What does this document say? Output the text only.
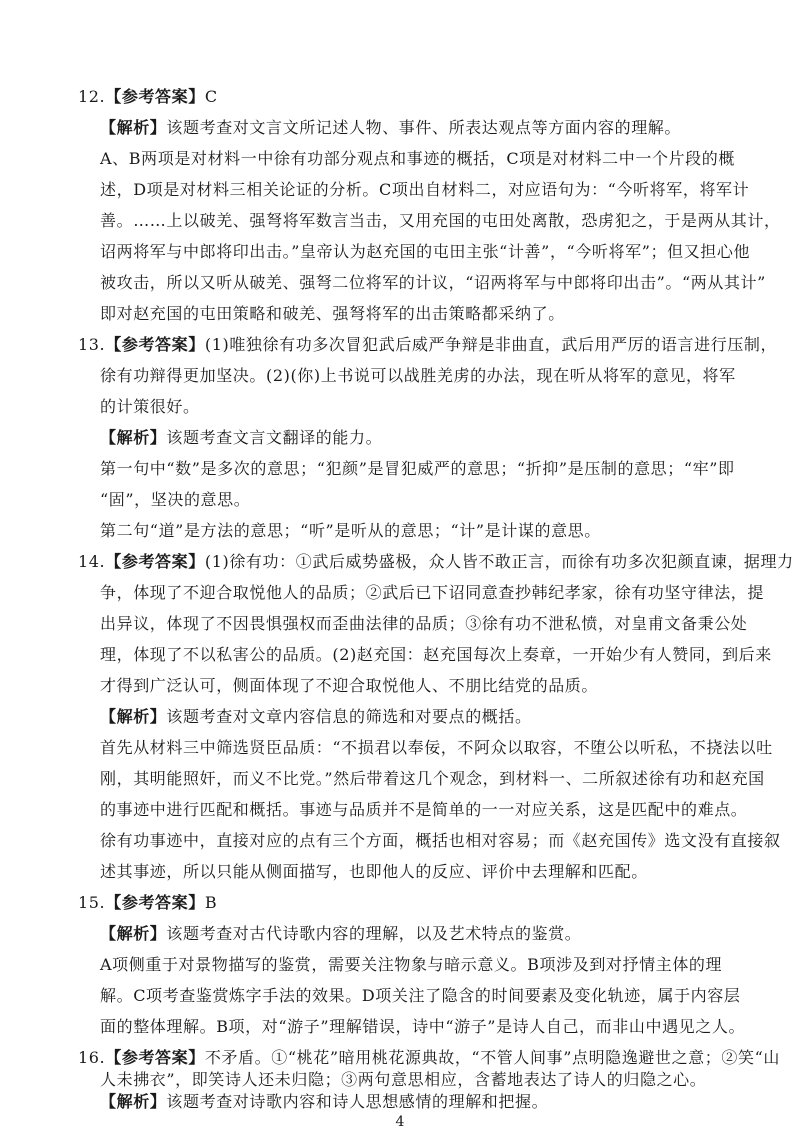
12.【参考答案】C

【解析】该题考查对文言文所记述人物、事件、所表达观点等方面内容的理解。

A、B两项是对材料一中徐有功部分观点和事迹的概括，C项是对材料二中一个片段的概

述，D项是对材料三相关论证的分析。C项出自材料二，对应语句为：“今听将军，将军计

善。……上以破羌、强弩将军数言当击，又用充国的屯田处离散，恐虏犯之，于是两从其计，

诏两将军与中郎将印出击。”皇帝认为赵充国的屯田主张“计善”，“今听将军”；但又担心他

被攻击，所以又听从破羌、强弩二位将军的计议，“诏两将军与中郎将印出击”。“两从其计”

即对赵充国的屯田策略和破羌、强弩将军的出击策略都采纳了。

13.【参考答案】(1)唯独徐有功多次冒犯武后威严争辩是非曲直，武后用严厉的语言进行压制，

徐有功辩得更加坚决。(2)(你)上书说可以战胜羌虏的办法，现在听从将军的意见，将军

的计策很好。

【解析】该题考查文言文翻译的能力。

第一句中“数”是多次的意思；“犯颜”是冒犯威严的意思；“折抑”是压制的意思；“牢”即

“固”，坚决的意思。

第二句“道”是方法的意思；“听”是听从的意思；“计”是计谋的意思。

14.【参考答案】(1)徐有功：①武后威势盛极，众人皆不敢正言，而徐有功多次犯颜直谏，据理力

争，体现了不迎合取悦他人的品质；②武后已下诏同意查抄韩纪孝家，徐有功坚守律法，提

出异议，体现了不因畏惧强权而歪曲法律的品质；③徐有功不泄私愤，对皇甫文备秉公处

理，体现了不以私害公的品质。(2)赵充国：赵充国每次上奏章，一开始少有人赞同，到后来

才得到广泛认可，侧面体现了不迎合取悦他人、不朋比结党的品质。

【解析】该题考查对文章内容信息的筛选和对要点的概括。

首先从材料三中筛选贤臣品质：“不损君以奉佞，不阿众以取容，不堕公以听私，不挠法以吐

刚，其明能照奸，而义不比党。”然后带着这几个观念，到材料一、二所叙述徐有功和赵充国

的事迹中进行匹配和概括。事迹与品质并不是简单的一一对应关系，这是匹配中的难点。

徐有功事迹中，直接对应的点有三个方面，概括也相对容易；而《赵充国传》选文没有直接叙

述其事迹，所以只能从侧面描写，也即他人的反应、评价中去理解和匹配。

15.【参考答案】B

【解析】该题考查对古代诗歌内容的理解，以及艺术特点的鉴赏。

A项侧重于对景物描写的鉴赏，需要关注物象与暗示意义。B项涉及到对抒情主体的理

解。C项考查鉴赏炼字手法的效果。D项关注了隐含的时间要素及变化轨迹，属于内容层

面的整体理解。B项，对“游子”理解错误，诗中“游子”是诗人自己，而非山中遇见之人。

16.【参考答案】不矛盾。①“桃花”暗用桃花源典故，“不管人间事”点明隐逸避世之意；②笑“山

人未拂衣”，即笑诗人还未归隐；③两句意思相应，含蓄地表达了诗人的归隐之心。

【解析】该题考查对诗歌内容和诗人思想感情的理解和把握。

4
